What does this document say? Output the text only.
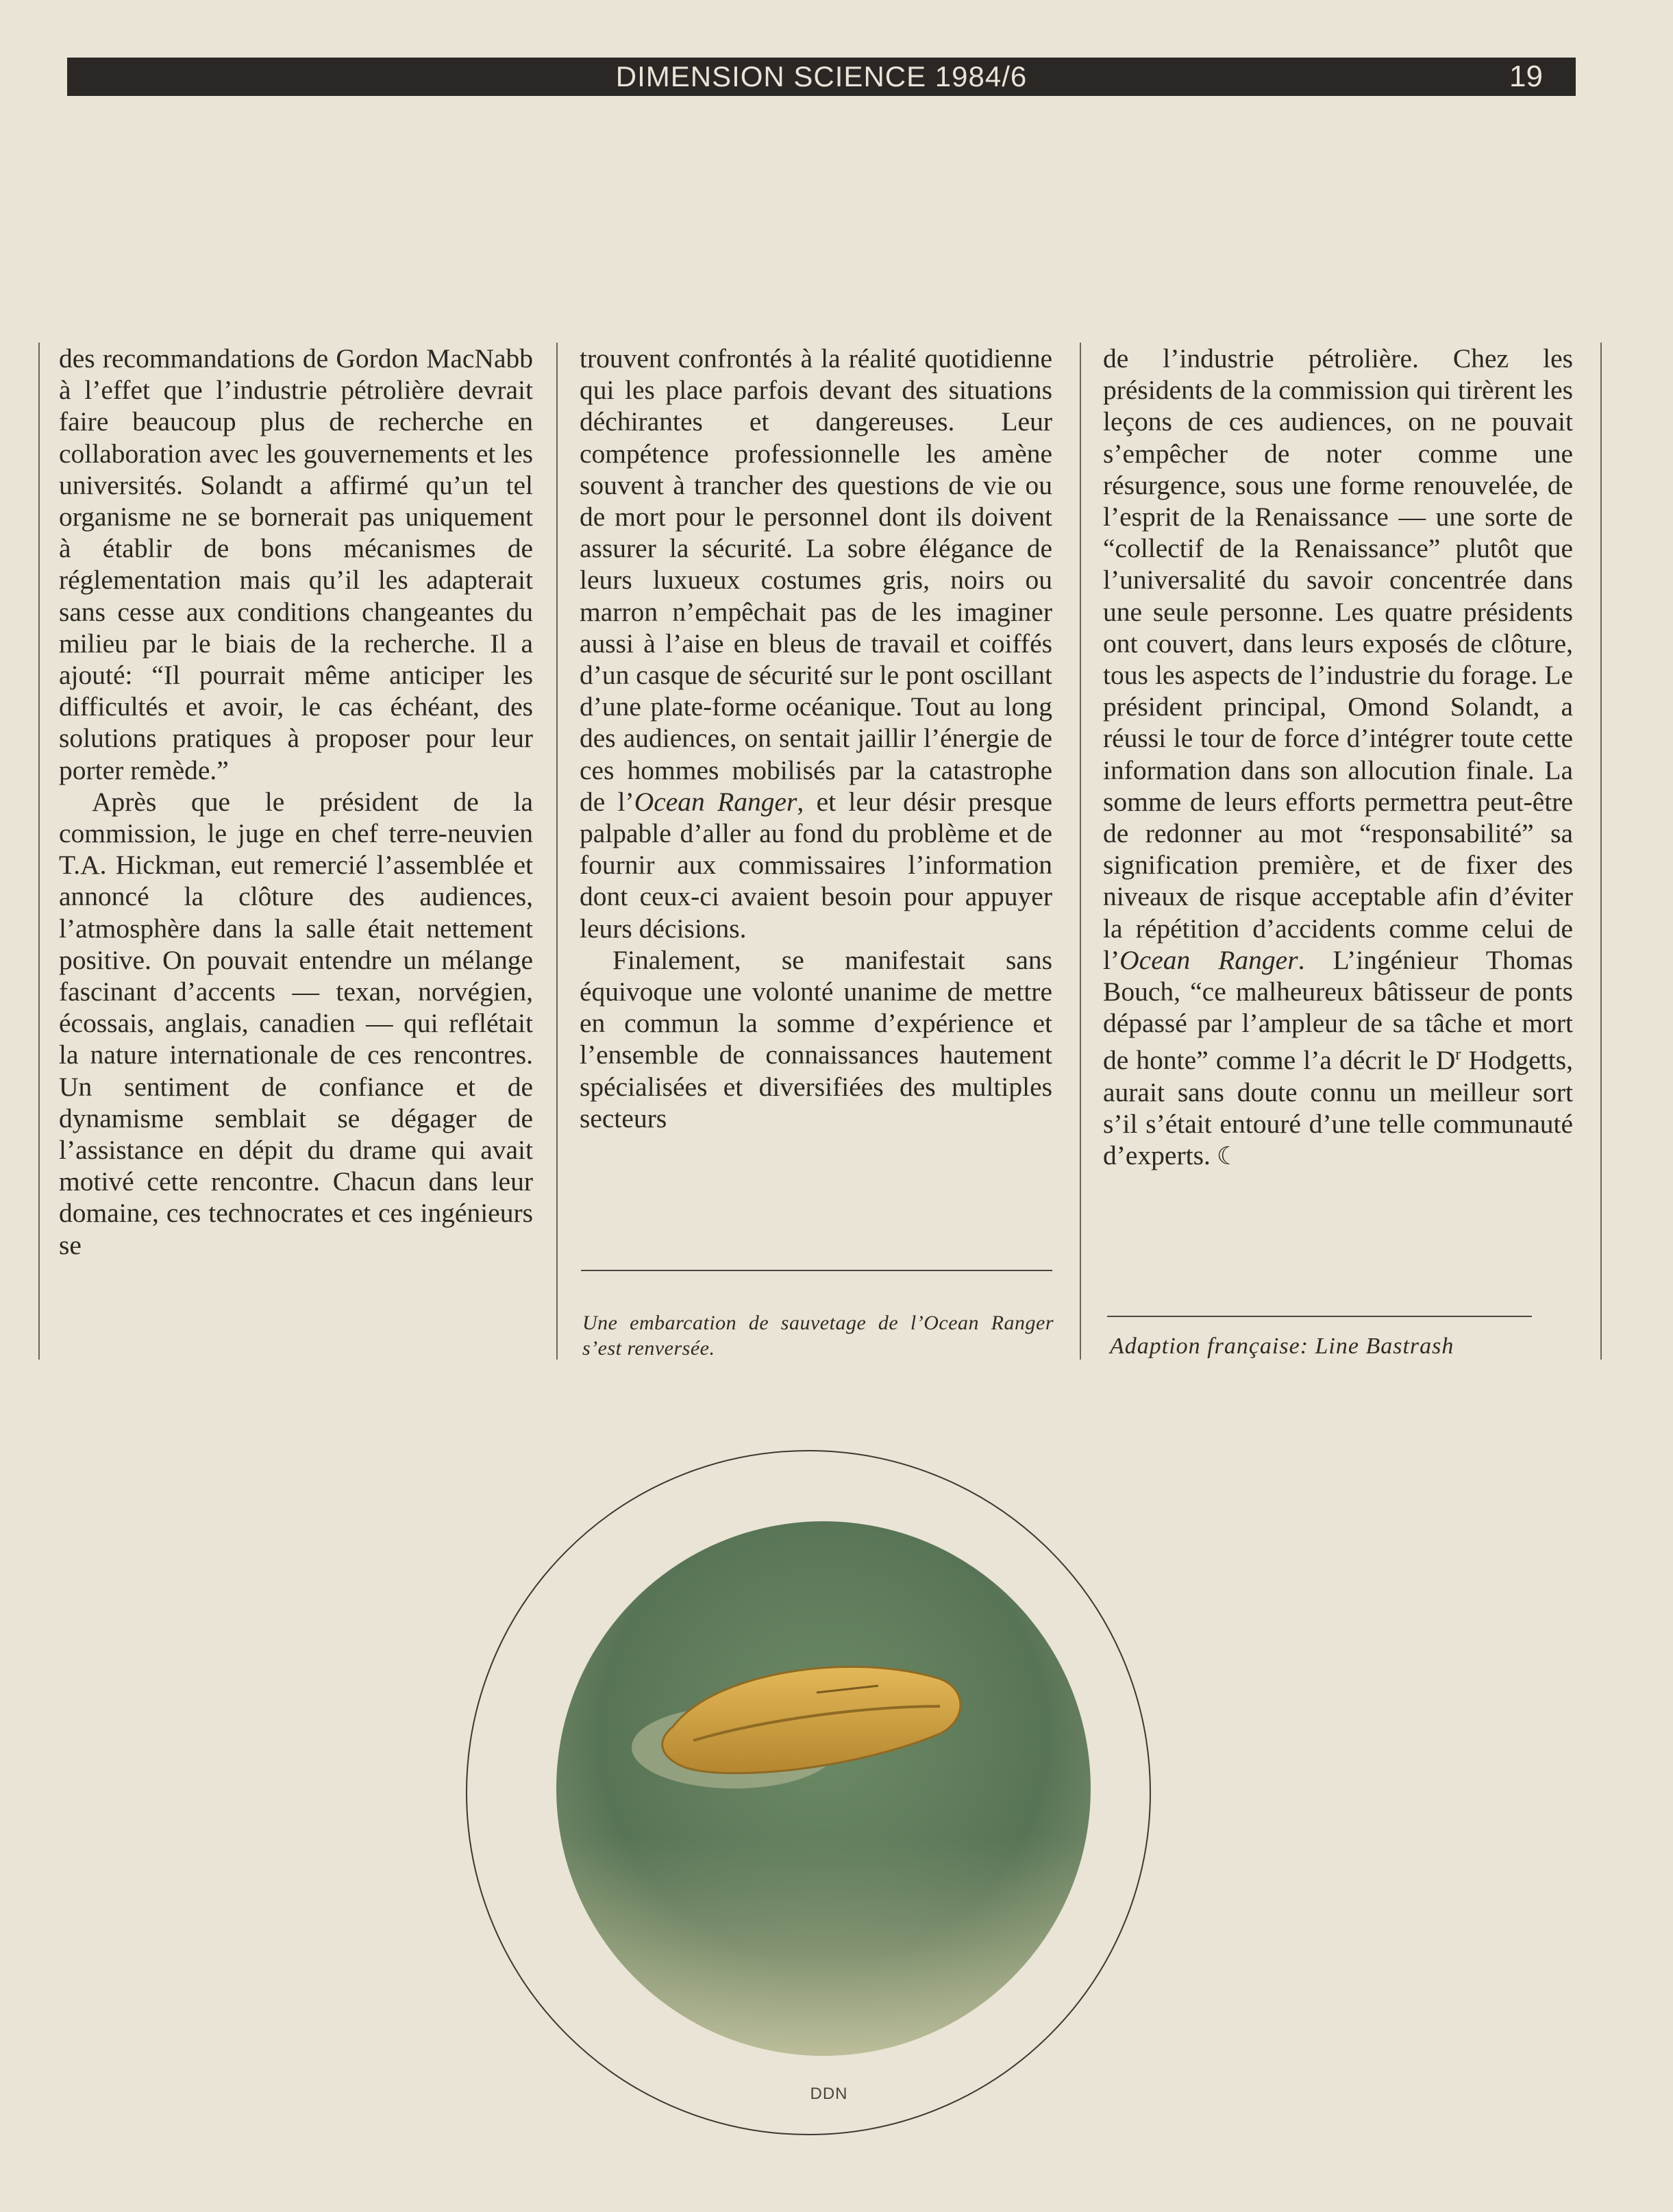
DIMENSION SCIENCE 1984/6	19

des recommandations de Gordon MacNabb à l’effet que l’industrie pétrolière devrait faire beaucoup plus de recherche en collaboration avec les gouvernements et les universités. Solandt a affirmé qu’un tel organisme ne se bornerait pas uniquement à établir de bons mécanismes de réglementation mais qu’il les adapterait sans cesse aux conditions changeantes du milieu par le biais de la recherche. Il a ajouté: “Il pourrait même anticiper les difficultés et avoir, le cas échéant, des solutions pratiques à proposer pour leur porter remède.”

Après que le président de la commission, le juge en chef terre-neuvien T.A. Hickman, eut remercié l’assemblée et annoncé la clôture des audiences, l’atmosphère dans la salle était nettement positive. On pouvait entendre un mélange fascinant d’accents — texan, norvégien, écossais, anglais, canadien — qui reflétait la nature internationale de ces rencontres. Un sentiment de confiance et de dynamisme semblait se dégager de l’assistance en dépit du drame qui avait motivé cette rencontre. Chacun dans leur domaine, ces technocrates et ces ingénieurs se

trouvent confrontés à la réalité quotidienne qui les place parfois devant des situations déchirantes et dangereuses. Leur compétence professionnelle les amène souvent à trancher des questions de vie ou de mort pour le personnel dont ils doivent assurer la sécurité. La sobre élégance de leurs luxueux costumes gris, noirs ou marron n’empêchait pas de les imaginer aussi à l’aise en bleus de travail et coiffés d’un casque de sécurité sur le pont oscillant d’une plate-forme océanique. Tout au long des audiences, on sentait jaillir l’énergie de ces hommes mobilisés par la catastrophe de l’Ocean Ranger, et leur désir presque palpable d’aller au fond du problème et de fournir aux commissaires l’information dont ceux-ci avaient besoin pour appuyer leurs décisions.

Finalement, se manifestait sans équivoque une volonté unanime de mettre en commun la somme d’expérience et l’ensemble de connaissances hautement spécialisées et diversifiées des multiples secteurs

de l’industrie pétrolière. Chez les présidents de la commission qui tirèrent les leçons de ces audiences, on ne pouvait s’empêcher de noter comme une résurgence, sous une forme renouvelée, de l’esprit de la Renaissance — une sorte de “collectif de la Renaissance” plutôt que l’universalité du savoir concentrée dans une seule personne. Les quatre présidents ont couvert, dans leurs exposés de clôture, tous les aspects de l’industrie du forage. Le président principal, Omond Solandt, a réussi le tour de force d’intégrer toute cette information dans son allocution finale. La somme de leurs efforts permettra peut-être de redonner au mot “responsabilité” sa signification première, et de fixer des niveaux de risque acceptable afin d’éviter la répétition d’accidents comme celui de l’Ocean Ranger. L’ingénieur Thomas Bouch, “ce malheureux bâtisseur de ponts dépassé par l’ampleur de sa tâche et mort de honte” comme l’a décrit le $D^r$ Hodgetts, aurait sans doute connu un meilleur sort s’il s’était entouré d’une telle communauté d’experts. ☾

Une embarcation de sauvetage de l’Ocean Ranger s’est renversée.	Adaption française: Line Bastrash
DDN
